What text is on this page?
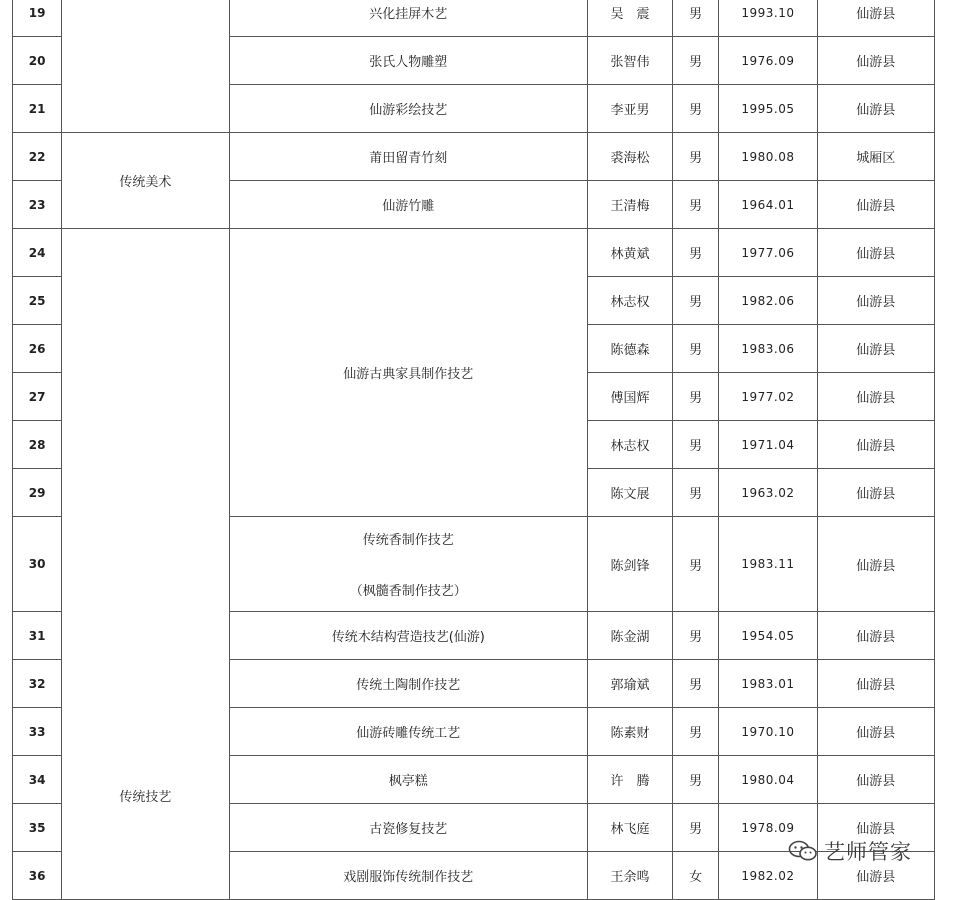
19		兴化挂屏木艺	吴　震	男	1993.10	仙游县
20		张氏人物雕塑	张智伟	男	1976.09	仙游县
21		仙游彩绘技艺	李亚男	男	1995.05	仙游县
22	传统美术	莆田留青竹刻	裘海松	男	1980.08	城厢区
23		仙游竹雕	王清梅	男	1964.01	仙游县
24	传统技艺	仙游古典家具制作技艺	林黄斌	男	1977.06	仙游县
25			林志权	男	1982.06	仙游县
26			陈德森	男	1983.06	仙游县
27			傅国辉	男	1977.02	仙游县
28			林志权	男	1971.04	仙游县
29			陈文展	男	1963.02	仙游县
30		传统香制作技艺
（枫髓香制作技艺）	陈剑锋	男	1983.11	仙游县
31		传统木结构营造技艺(仙游)	陈金湖	男	1954.05	仙游县
32		传统土陶制作技艺	郭瑜斌	男	1983.01	仙游县
33		仙游砖雕传统工艺	陈素财	男	1970.10	仙游县
34		枫亭糕	许　腾	男	1980.04	仙游县
35		古瓷修复技艺	林飞庭	男	1978.09	仙游县
36		戏剧服饰传统制作技艺	王余鸣	女	1982.02	仙游县
艺师管家
